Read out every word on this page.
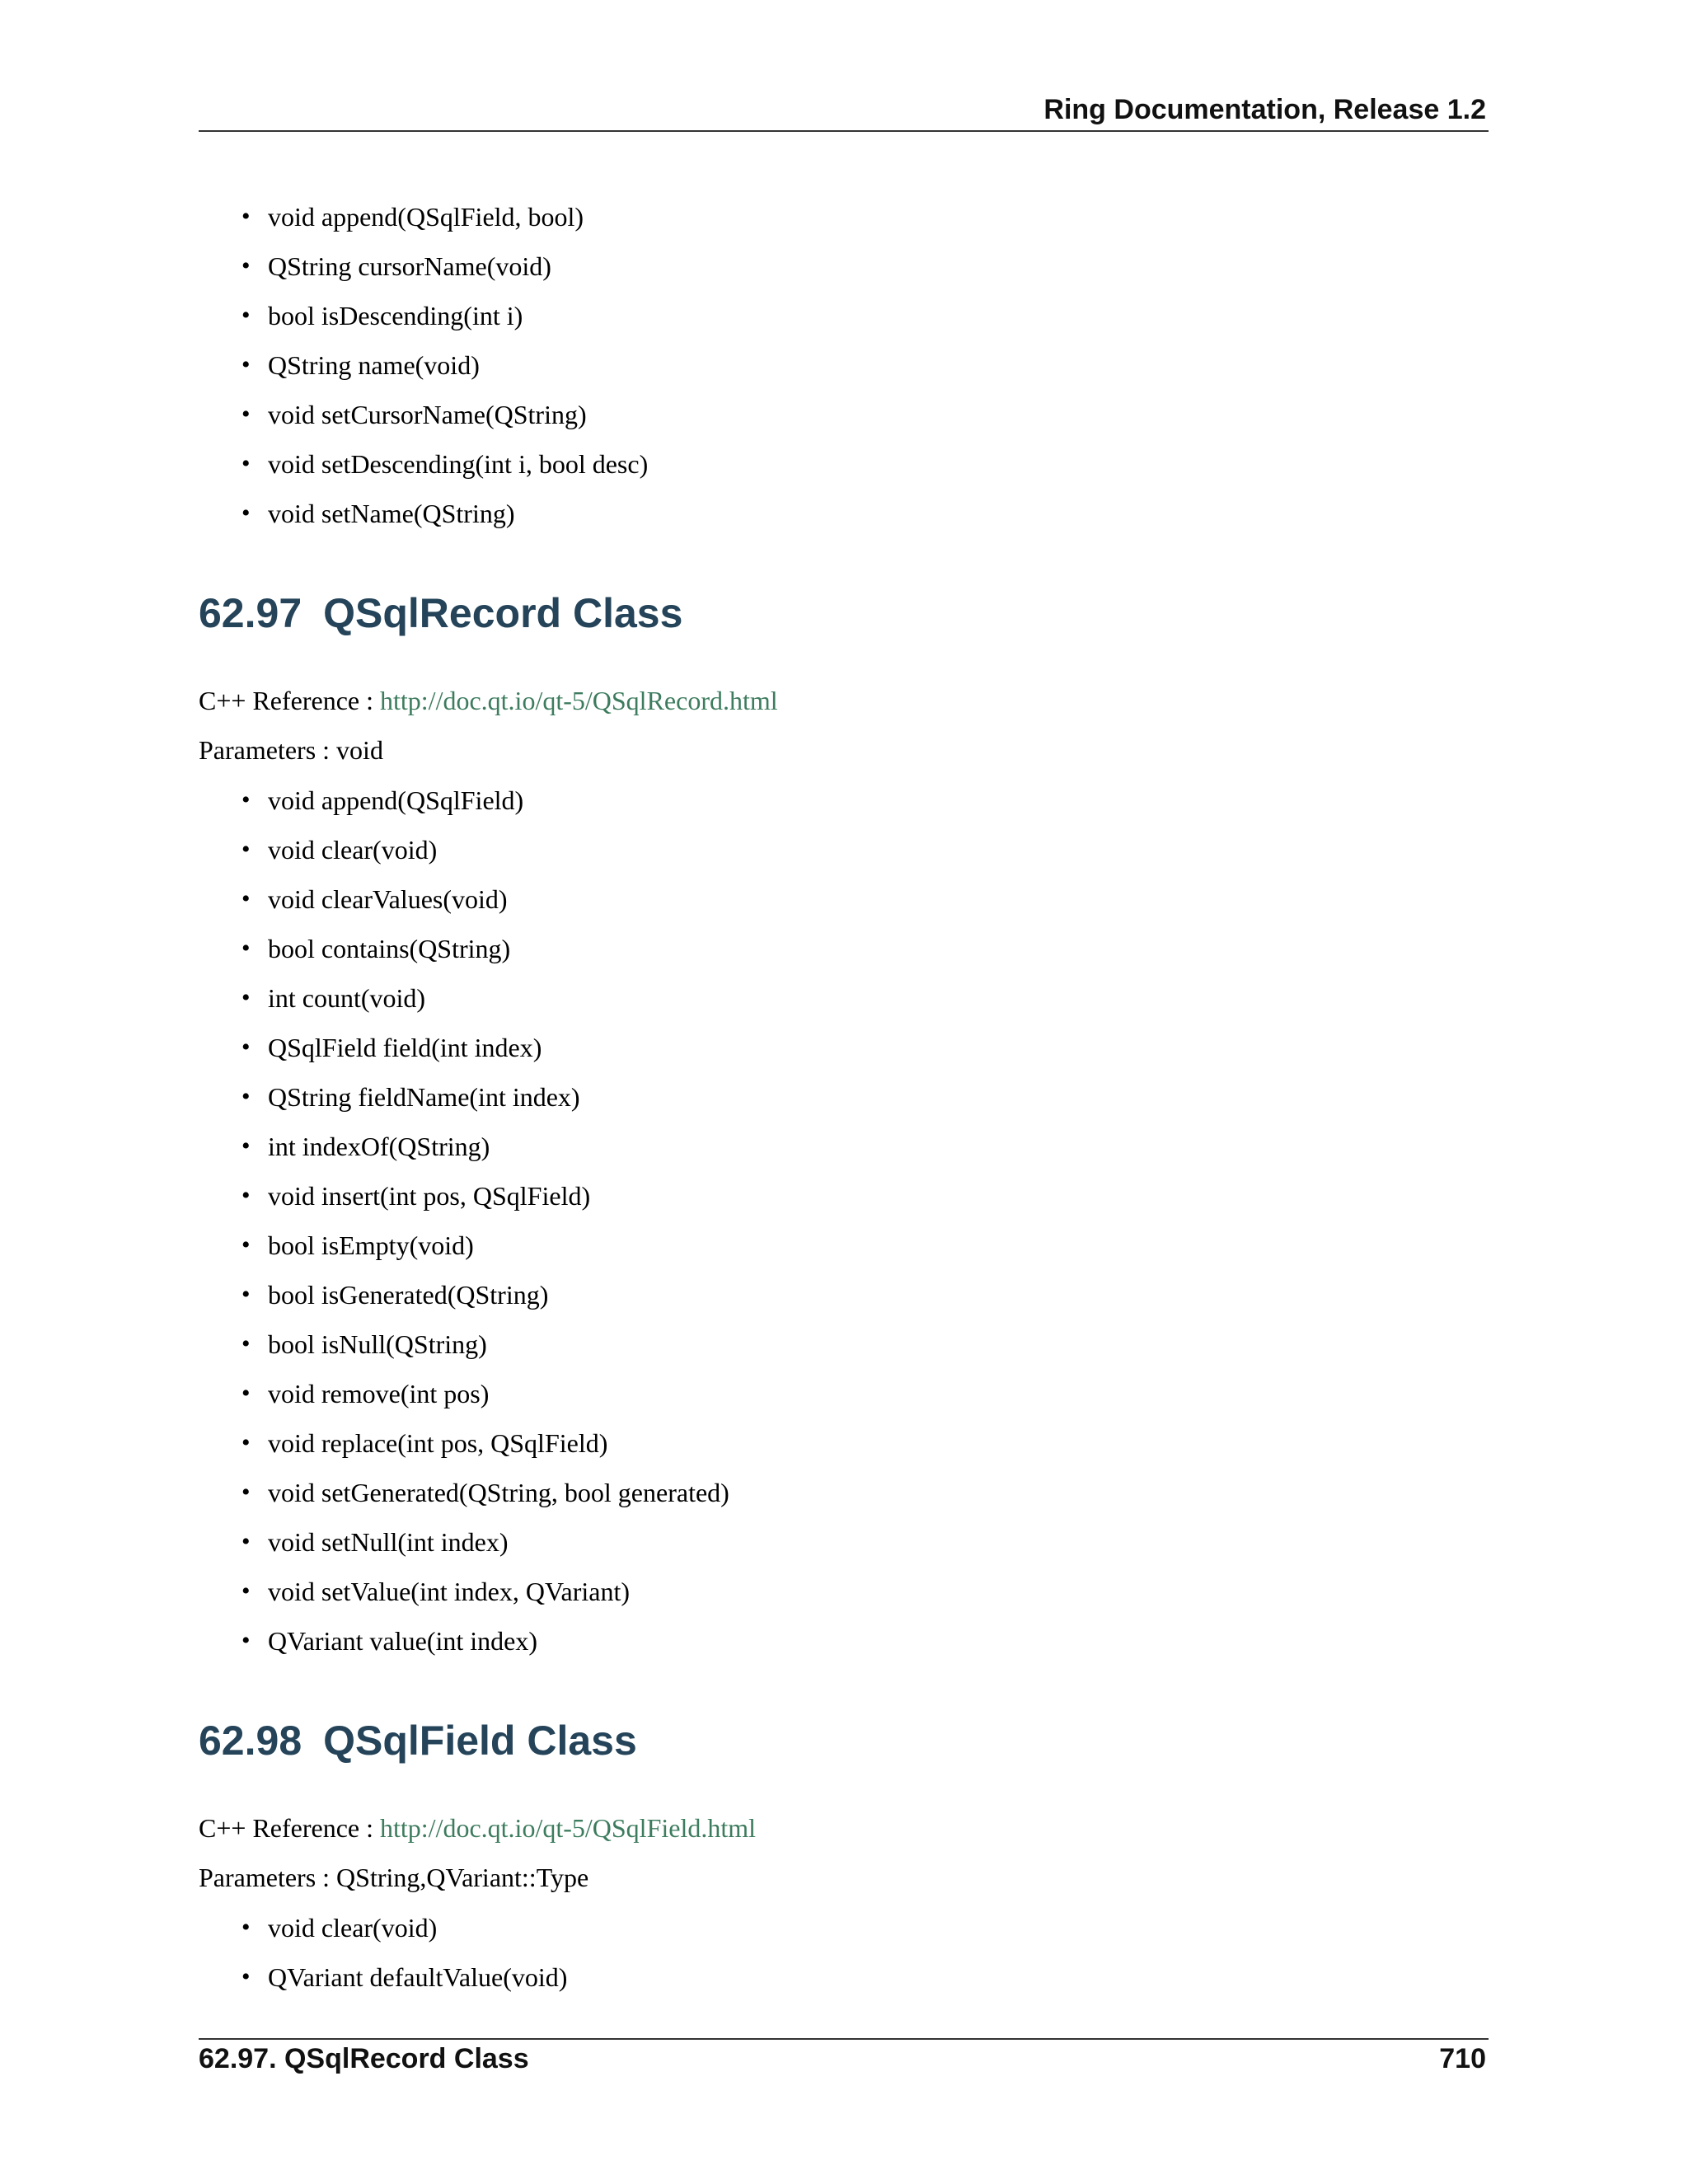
Ring Documentation, Release 1.2
• void append(QSqlField, bool)
• QString cursorName(void)
• bool isDescending(int i)
• QString name(void)
• void setCursorName(QString)
• void setDescending(int i, bool desc)
• void setName(QString)
62.97 QSqlRecord Class

C++ Reference : http://doc.qt.io/qt-5/QSqlRecord.html

Parameters : void

• void append(QSqlField)
• void clear(void)
• void clearValues(void)
• bool contains(QString)
• int count(void)
• QSqlField field(int index)
• QString fieldName(int index)
• int indexOf(QString)
• void insert(int pos, QSqlField)
• bool isEmpty(void)
• bool isGenerated(QString)
• bool isNull(QString)
• void remove(int pos)
• void replace(int pos, QSqlField)
• void setGenerated(QString, bool generated)
• void setNull(int index)
• void setValue(int index, QVariant)
• QVariant value(int index)
62.98 QSqlField Class

C++ Reference : http://doc.qt.io/qt-5/QSqlField.html

Parameters : QString,QVariant::Type

• void clear(void)
• QVariant defaultValue(void)
62.97. QSqlRecord Class	710
